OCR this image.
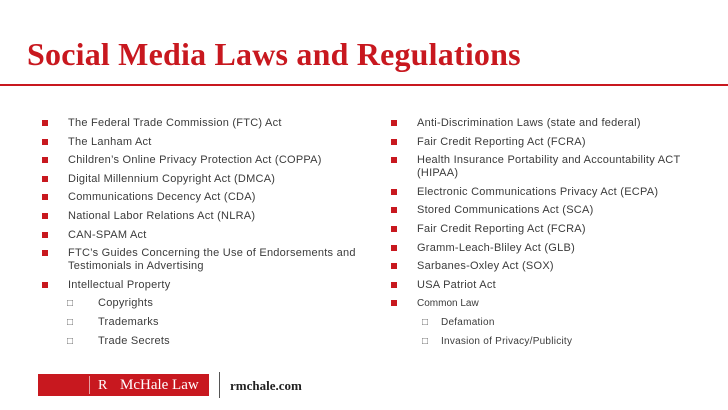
Social Media Laws and Regulations
The Federal Trade Commission (FTC) Act
The Lanham Act
Children’s Online Privacy Protection Act (COPPA)
Digital Millennium Copyright Act (DMCA)
Communications Decency Act (CDA)
National Labor Relations Act (NLRA)
CAN-SPAM Act
FTC’s Guides Concerning the Use of Endorsements and Testimonials in Advertising
Intellectual Property
□ Copyrights
□ Trademarks
□ Trade Secrets
Anti-Discrimination Laws (state and federal)
Fair Credit Reporting Act (FCRA)
Health Insurance Portability and Accountability ACT (HIPAA)
Electronic Communications Privacy Act (ECPA)
Stored Communications Act (SCA)
Fair Credit Reporting Act (FCRA)
Gramm-Leach-Bliley Act (GLB)
Sarbanes-Oxley Act (SOX)
USA Patriot Act
Common Law
□ Defamation
□ Invasion of Privacy/Publicity
R McHale Law rmchale.com
